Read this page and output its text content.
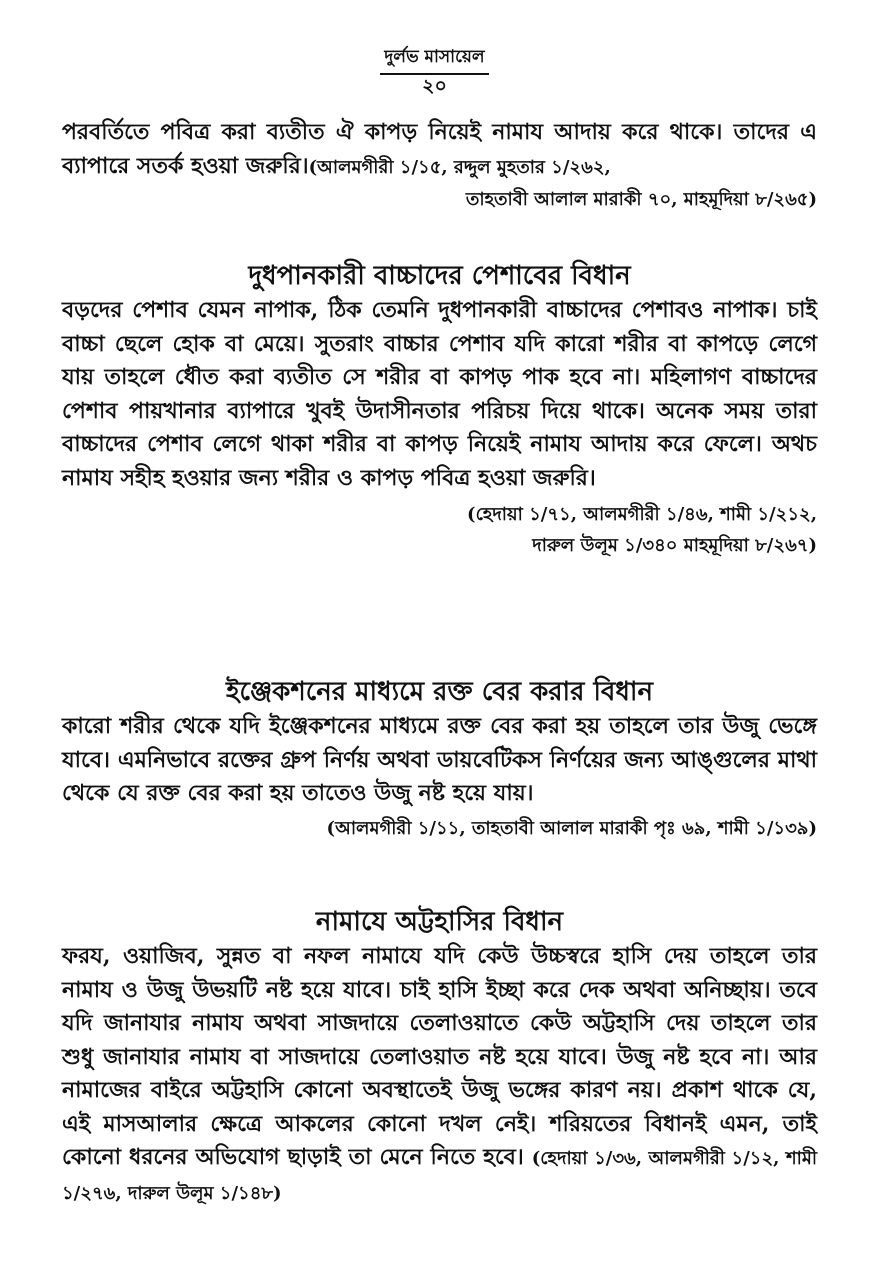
দুর্লভ মাসায়েল
২০

পরবর্তিতে পবিত্র করা ব্যতীত ঐ কাপড় নিয়েই নামায আদায় করে থাকে। তাদের এ ব্যাপারে সতর্ক হওয়া জরুরি।(আলমগীরী ১/১৫, রদ্দুল মুহতার ১/২৬২,

তাহতাবী আলাল মারাকী ৭০, মাহমূদিয়া ৮/২৬৫)

দুধপানকারী বাচ্চাদের পেশাবের বিধান

বড়দের পেশাব যেমন নাপাক, ঠিক তেমনি দুধপানকারী বাচ্চাদের পেশাবও নাপাক। চাই বাচ্চা ছেলে হোক বা মেয়ে। সুতরাং বাচ্চার পেশাব যদি কারো শরীর বা কাপড়ে লেগে যায় তাহলে ধৌত করা ব্যতীত সে শরীর বা কাপড় পাক হবে না। মহিলাগণ বাচ্চাদের পেশাব পায়খানার ব্যাপারে খুবই উদাসীনতার পরিচয় দিয়ে থাকে। অনেক সময় তারা বাচ্চাদের পেশাব লেগে থাকা শরীর বা কাপড় নিয়েই নামায আদায় করে ফেলে। অথচ নামায সহীহ হওয়ার জন্য শরীর ও কাপড় পবিত্র হওয়া জরুরি।

(হেদায়া ১/৭১, আলমগীরী ১/৪৬, শামী ১/২১২,

দারুল উলূম ১/৩৪০ মাহমূদিয়া ৮/২৬৭)

ইঞ্জেকশনের মাধ্যমে রক্ত বের করার বিধান

কারো শরীর থেকে যদি ইঞ্জেকশনের মাধ্যমে রক্ত বের করা হয় তাহলে তার উজু ভেঙ্গে যাবে। এমনিভাবে রক্তের গ্রুপ নির্ণয় অথবা ডায়বেটিকস নির্ণয়ের জন্য আঙ্গুলের মাথা থেকে যে রক্ত বের করা হয় তাতেও উজু নষ্ট হয়ে যায়।

(আলমগীরী ১/১১, তাহতাবী আলাল মারাকী পৃঃ ৬৯, শামী ১/১৩৯)

নামাযে অট্টহাসির বিধান

ফরয, ওয়াজিব, সুন্নত বা নফল নামাযে যদি কেউ উচ্চস্বরে হাসি দেয় তাহলে তার নামায ও উজু উভয়টি নষ্ট হয়ে যাবে। চাই হাসি ইচ্ছা করে দেক অথবা অনিচ্ছায়। তবে যদি জানাযার নামায অথবা সাজদায়ে তেলাওয়াতে কেউ অট্টহাসি দেয় তাহলে তার শুধু জানাযার নামায বা সাজদায়ে তেলাওয়াত নষ্ট হয়ে যাবে। উজু নষ্ট হবে না। আর নামাজের বাইরে অট্টহাসি কোনো অবস্থাতেই উজু ভঙ্গের কারণ নয়। প্রকাশ থাকে যে, এই মাসআলার ক্ষেত্রে আকলের কোনো দখল নেই। শরিয়তের বিধানই এমন, তাই কোনো ধরনের অভিযোগ ছাড়াই তা মেনে নিতে হবে। (হেদায়া ১/৩৬, আলমগীরী ১/১২, শামী ১/২৭৬, দারুল উলূম ১/১৪৮)
